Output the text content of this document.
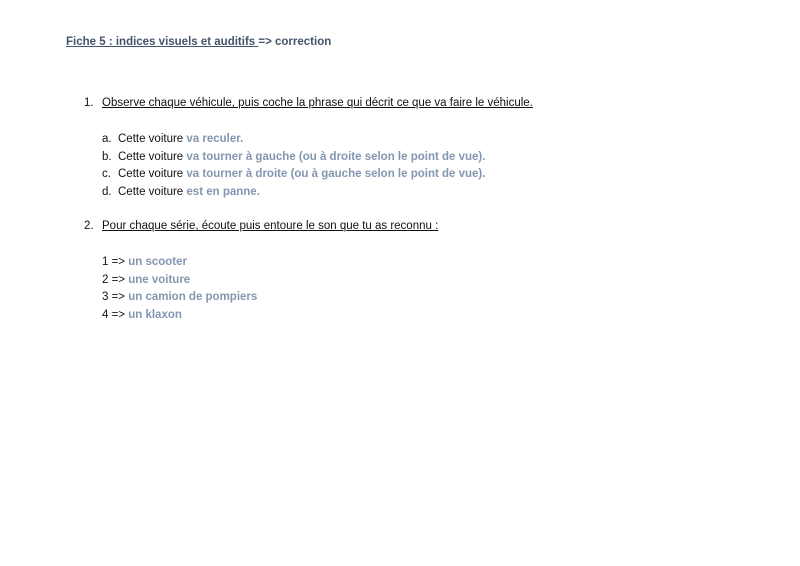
Fiche 5 : indices visuels et auditifs => correction
1. Observe chaque véhicule, puis coche la phrase qui décrit ce que va faire le véhicule.
a. Cette voiture va reculer.
b. Cette voiture va tourner à gauche (ou à droite selon le point de vue).
c. Cette voiture va tourner à droite (ou à gauche selon le point de vue).
d. Cette voiture est en panne.
2. Pour chaque série, écoute puis entoure le son que tu as reconnu :
1 => un scooter
2 => une voiture
3 => un camion de pompiers
4 => un klaxon
